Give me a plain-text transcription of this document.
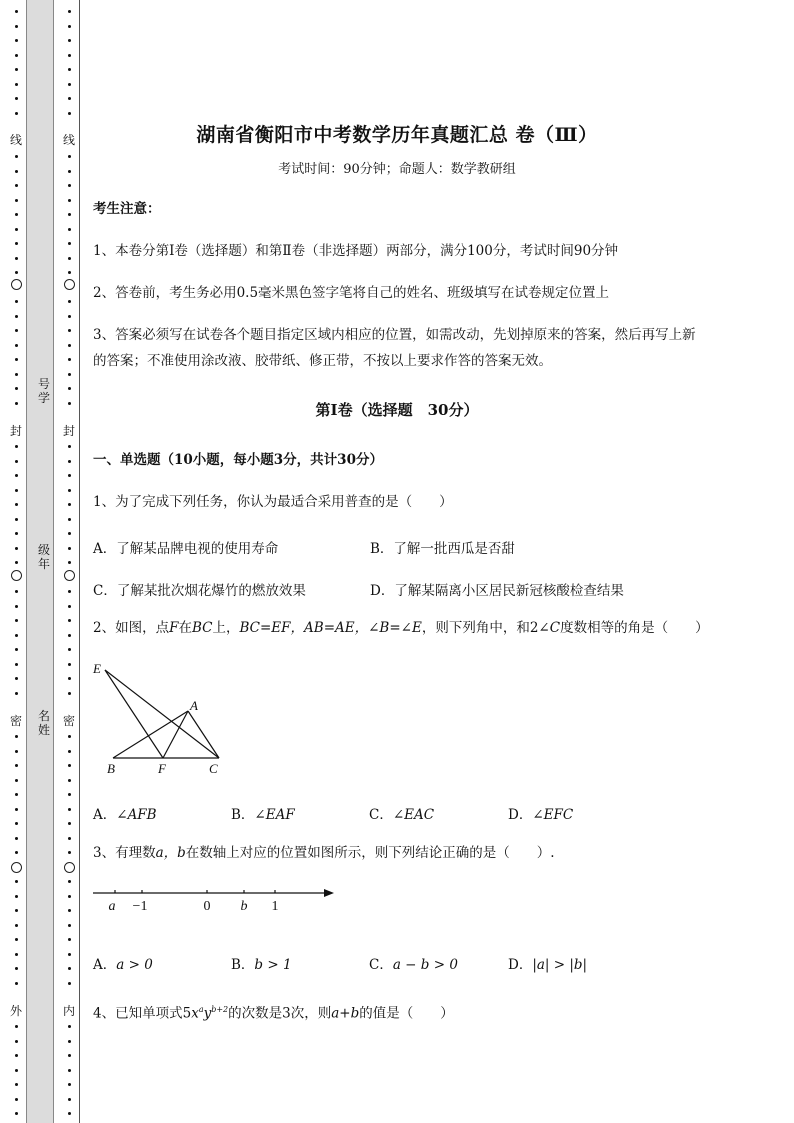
线
封
密
外
线
封
密
内
号学
级年
名姓
湖南省衡阳市中考数学历年真题汇总 卷（Ⅲ）
考试时间：90分钟；命题人：数学教研组
考生注意：
1、本卷分第I卷（选择题）和第Ⅱ卷（非选择题）两部分，满分100分，考试时间90分钟
2、答卷前，考生务必用0.5毫米黑色签字笔将自己的姓名、班级填写在试卷规定位置上
3、答案必须写在试卷各个题目指定区域内相应的位置，如需改动，先划掉原来的答案，然后再写上新
的答案；不准使用涂改液、胶带纸、修正带，不按以上要求作答的答案无效。
第I卷（选择题　30分）
一、单选题（10小题，每小题3分，共计30分）
1、为了完成下列任务，你认为最适合采用普查的是（　　）
A．了解某品牌电视的使用寿命	B．了解一批西瓜是否甜
C．了解某批次烟花爆竹的燃放效果	D．了解某隔离小区居民新冠核酸检查结果
2、如图，点F在BC上，BC=EF，AB=AE，∠B=∠E，则下列角中，和2∠C度数相等的角是（　　）
E
A
B	F	C
A．∠AFB	B．∠EAF	C．∠EAC	D．∠EFC
3、有理数a，b在数轴上对应的位置如图所示，则下列结论正确的是（　　）.
a −1	0 b 1
A．a > 0	B．b > 1	C．a − b > 0	D．|a| > |b|
4、已知单项式$5x^ay^{b+2}$的次数是3次，则a+b的值是（　　）
